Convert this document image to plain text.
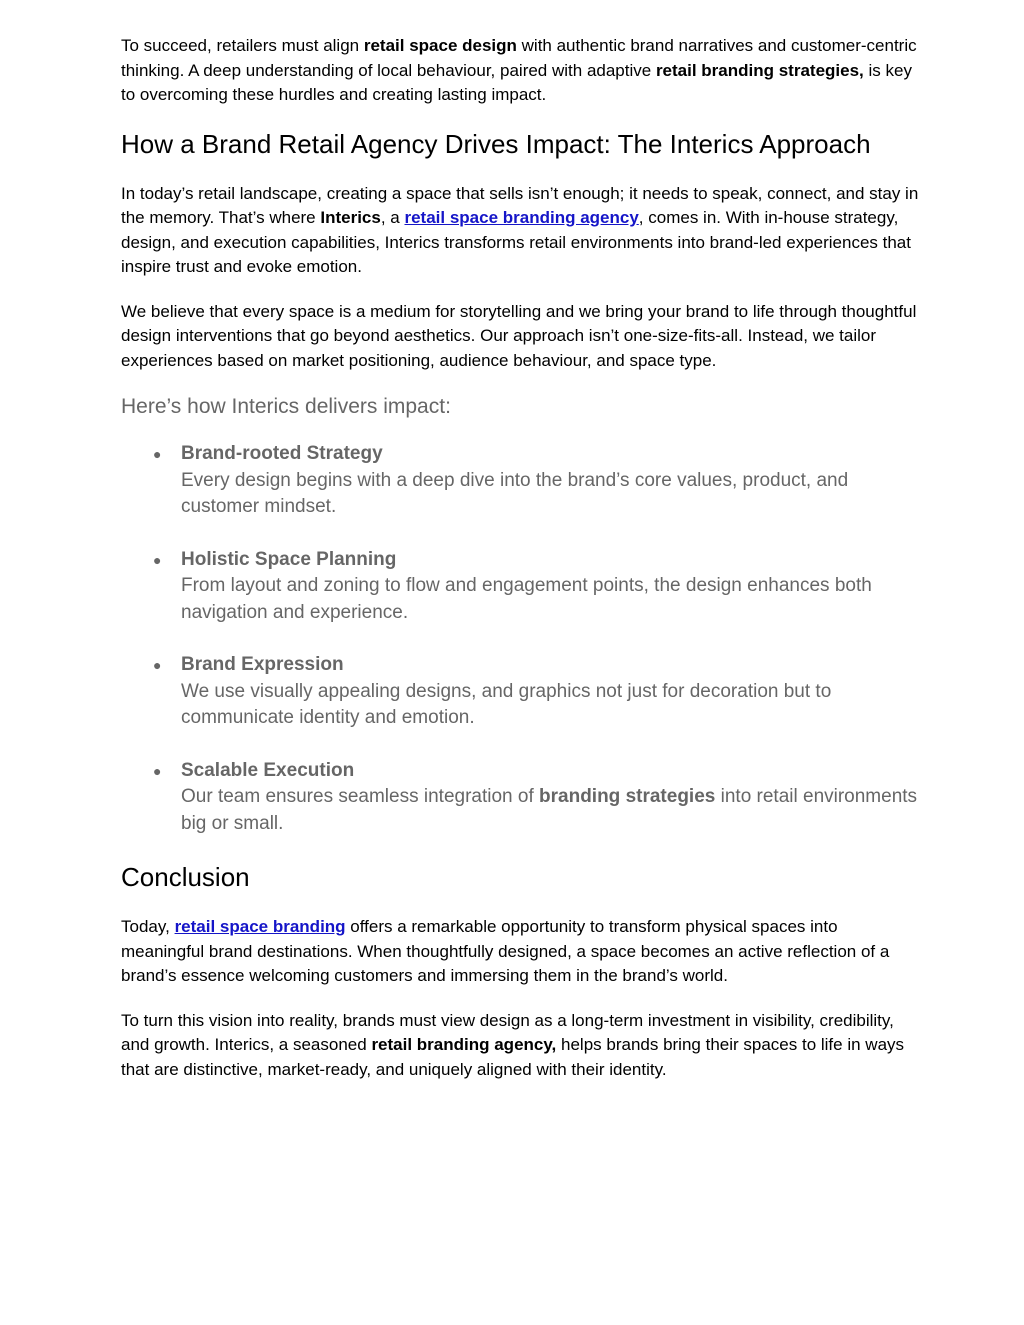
To succeed, retailers must align retail space design with authentic brand narratives and customer-centric thinking. A deep understanding of local behaviour, paired with adaptive retail branding strategies, is key to overcoming these hurdles and creating lasting impact.

How a Brand Retail Agency Drives Impact: The Interics Approach

In today’s retail landscape, creating a space that sells isn’t enough; it needs to speak, connect, and stay in the memory. That’s where Interics, a retail space branding agency, comes in. With in-house strategy, design, and execution capabilities, Interics transforms retail environments into brand-led experiences that inspire trust and evoke emotion.

We believe that every space is a medium for storytelling and we bring your brand to life through thoughtful design interventions that go beyond aesthetics. Our approach isn’t one-size-fits-all. Instead, we tailor experiences based on market positioning, audience behaviour, and space type.

Here’s how Interics delivers impact:
● Brand-rooted Strategy
Every design begins with a deep dive into the brand’s core values, product, and customer mindset.
● Holistic Space Planning
From layout and zoning to flow and engagement points, the design enhances both navigation and experience.
● Brand Expression
We use visually appealing designs, and graphics not just for decoration but to communicate identity and emotion.
● Scalable Execution
Our team ensures seamless integration of branding strategies into retail environments big or small.
Conclusion

Today, retail space branding offers a remarkable opportunity to transform physical spaces into meaningful brand destinations. When thoughtfully designed, a space becomes an active reflection of a brand’s essence welcoming customers and immersing them in the brand’s world.

To turn this vision into reality, brands must view design as a long-term investment in visibility, credibility, and growth. Interics, a seasoned retail branding agency, helps brands bring their spaces to life in ways that are distinctive, market-ready, and uniquely aligned with their identity.
